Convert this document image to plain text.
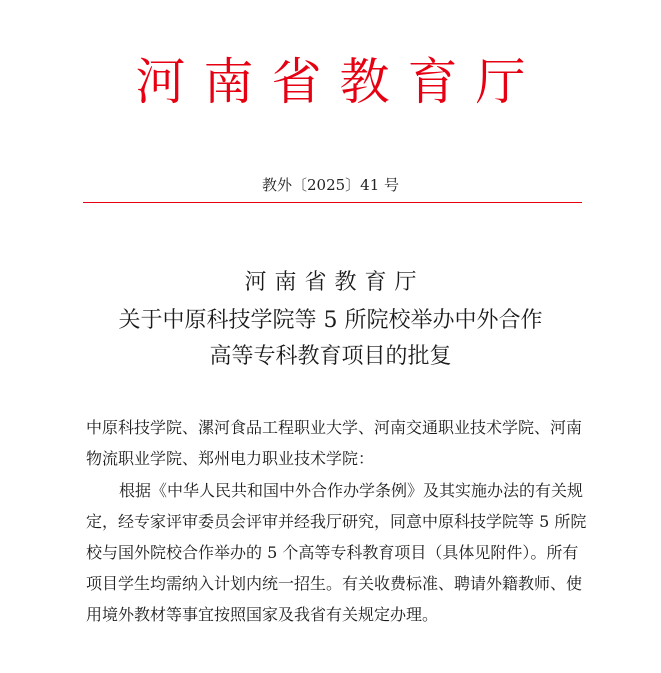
河南省教育厅
教外〔2025〕41 号
河南省教育厅
关于中原科技学院等 5 所院校举办中外合作
高等专科教育项目的批复
中原科技学院、漯河食品工程职业大学、河南交通职业技术学院、河南物流职业学院、郑州电力职业技术学院：

根据《中华人民共和国中外合作办学条例》及其实施办法的有关规定，经专家评审委员会评审并经我厅研究，同意中原科技学院等 5 所院校与国外院校合作举办的 5 个高等专科教育项目（具体见附件）。所有项目学生均需纳入计划内统一招生。有关收费标准、聘请外籍教师、使用境外教材等事宜按照国家及我省有关规定办理。
